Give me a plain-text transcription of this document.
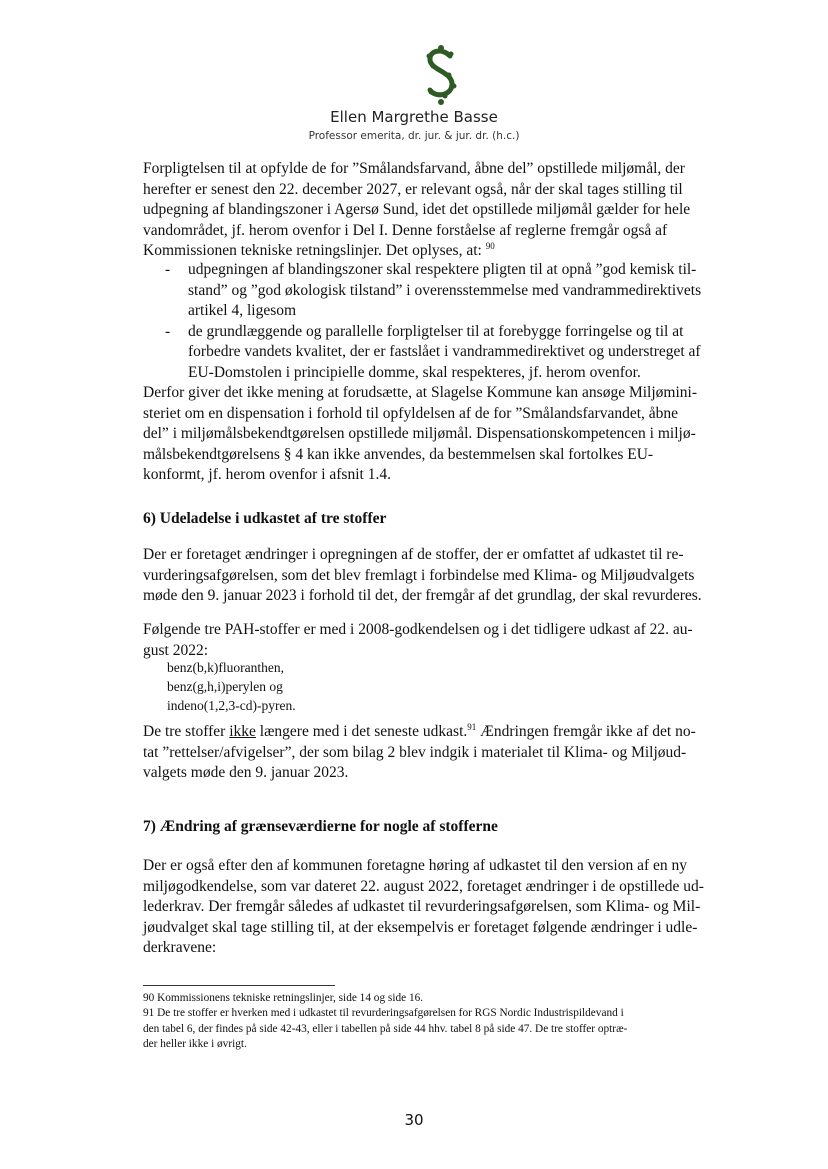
Ellen Margrethe Basse
Professor emerita, dr. jur. & jur. dr. (h.c.)
Forpligtelsen til at opfylde de for ”Smålandsfarvand, åbne del” opstillede miljømål, der
herefter er senest den 22. december 2027, er relevant også, når der skal tages stilling til
udpegning af blandingszoner i Agersø Sund, idet det opstillede miljømål gælder for hele
vandområdet, jf. herom ovenfor i Del I. Denne forståelse af reglerne fremgår også af
Kommissionen tekniske retningslinjer. Det oplyses, at: $^{90}$
- udpegningen af blandingszoner skal respektere pligten til at opnå ”god kemisk til-
stand” og ”god økologisk tilstand” i overensstemmelse med vandrammedirektivets
artikel 4, ligesom
- de grundlæggende og parallelle forpligtelser til at forebygge forringelse og til at
forbedre vandets kvalitet, der er fastslået i vandrammedirektivet og understreget af
EU-Domstolen i principielle domme, skal respekteres, jf. herom ovenfor.
Derfor giver det ikke mening at forudsætte, at Slagelse Kommune kan ansøge Miljømini-
steriet om en dispensation i forhold til opfyldelsen af de for ”Smålandsfarvandet, åbne
del” i miljømålsbekendtgørelsen opstillede miljømål. Dispensationskompetencen i miljø-
målsbekendtgørelsens § 4 kan ikke anvendes, da bestemmelsen skal fortolkes EU-
konformt, jf. herom ovenfor i afsnit 1.4.
6) Udeladelse i udkastet af tre stoffer
Der er foretaget ændringer i opregningen af de stoffer, der er omfattet af udkastet til re-
vurderingsafgørelsen, som det blev fremlagt i forbindelse med Klima- og Miljøudvalgets
møde den 9. januar 2023 i forhold til det, der fremgår af det grundlag, der skal revurderes.
Følgende tre PAH-stoffer er med i 2008-godkendelsen og i det tidligere udkast af 22. au-
gust 2022:
benz(b,k)fluoranthen,
benz(g,h,i)perylen og
indeno(1,2,3-cd)-pyren.
De tre stoffer ikke længere med i det seneste udkast.$^{91}$ Ændringen fremgår ikke af det no-
tat ”rettelser/afvigelser”, der som bilag 2 blev indgik i materialet til Klima- og Miljøud-
valgets møde den 9. januar 2023.
7) Ændring af grænseværdierne for nogle af stofferne
Der er også efter den af kommunen foretagne høring af udkastet til den version af en ny
miljøgodkendelse, som var dateret 22. august 2022, foretaget ændringer i de opstillede ud-
lederkrav. Der fremgår således af udkastet til revurderingsafgørelsen, som Klima- og Mil-
jøudvalget skal tage stilling til, at der eksempelvis er foretaget følgende ændringer i udle-
derkravene:
90 Kommissionens tekniske retningslinjer, side 14 og side 16.
91 De tre stoffer er hverken med i udkastet til revurderingsafgørelsen for RGS Nordic Industrispildevand i
den tabel 6, der findes på side 42-43, eller i tabellen på side 44 hhv. tabel 8 på side 47. De tre stoffer optræ-
der heller ikke i øvrigt.
30
